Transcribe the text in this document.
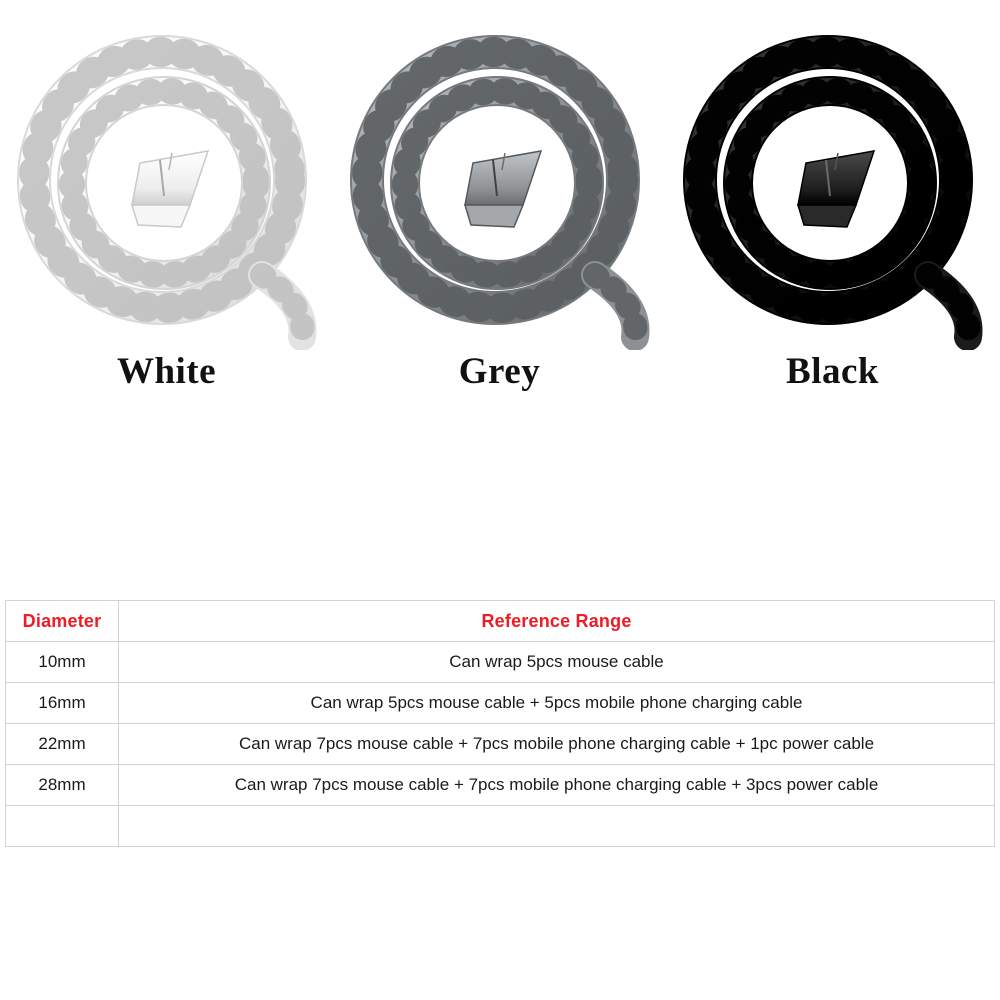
White	Grey	Black
Diameter	Reference Range
10mm	Can wrap 5pcs mouse cable
16mm	Can wrap 5pcs mouse cable + 5pcs mobile phone charging cable
22mm	Can wrap 7pcs mouse cable + 7pcs mobile phone charging cable + 1pc power cable
28mm	Can wrap 7pcs mouse cable + 7pcs mobile phone charging cable + 3pcs power cable
